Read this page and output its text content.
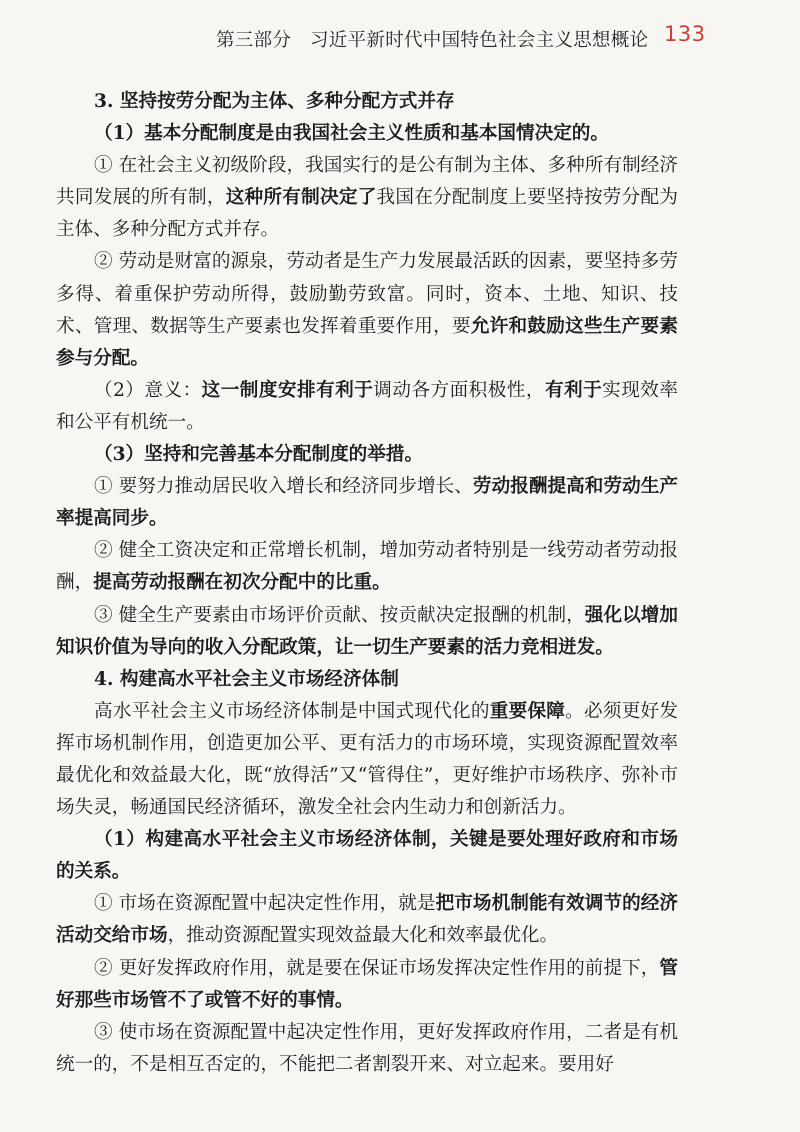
第三部分　习近平新时代中国特色社会主义思想概论 133

3. 坚持按劳分配为主体、多种分配方式并存

（1）基本分配制度是由我国社会主义性质和基本国情决定的。

① 在社会主义初级阶段，我国实行的是公有制为主体、多种所有制经济共同发展的所有制，这种所有制决定了我国在分配制度上要坚持按劳分配为主体、多种分配方式并存。

② 劳动是财富的源泉，劳动者是生产力发展最活跃的因素，要坚持多劳多得、着重保护劳动所得，鼓励勤劳致富。同时，资本、土地、知识、技术、管理、数据等生产要素也发挥着重要作用，要允许和鼓励这些生产要素参与分配。

（2）意义：这一制度安排有利于调动各方面积极性，有利于实现效率和公平有机统一。

（3）坚持和完善基本分配制度的举措。

① 要努力推动居民收入增长和经济同步增长、劳动报酬提高和劳动生产率提高同步。

② 健全工资决定和正常增长机制，增加劳动者特别是一线劳动者劳动报酬，提高劳动报酬在初次分配中的比重。

③ 健全生产要素由市场评价贡献、按贡献决定报酬的机制，强化以增加知识价值为导向的收入分配政策，让一切生产要素的活力竞相迸发。

4. 构建高水平社会主义市场经济体制

高水平社会主义市场经济体制是中国式现代化的重要保障。必须更好发挥市场机制作用，创造更加公平、更有活力的市场环境，实现资源配置效率最优化和效益最大化，既“放得活”又“管得住”，更好维护市场秩序、弥补市场失灵，畅通国民经济循环，激发全社会内生动力和创新活力。

（1）构建高水平社会主义市场经济体制，关键是要处理好政府和市场的关系。

① 市场在资源配置中起决定性作用，就是把市场机制能有效调节的经济活动交给市场，推动资源配置实现效益最大化和效率最优化。

② 更好发挥政府作用，就是要在保证市场发挥决定性作用的前提下，管好那些市场管不了或管不好的事情。

③ 使市场在资源配置中起决定性作用，更好发挥政府作用，二者是有机统一的，不是相互否定的，不能把二者割裂开来、对立起来。要用好
